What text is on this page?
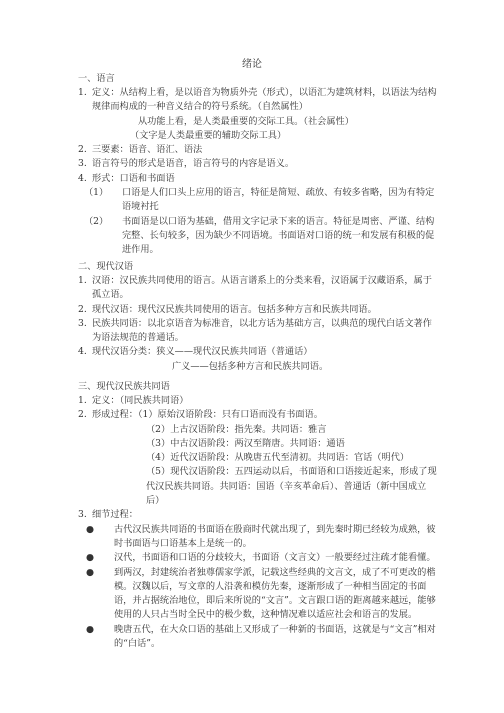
绪论
一、语言
1. 定义：从结构上看，是以语音为物质外壳（形式），以语汇为建筑材料，以语法为结构规律而构成的一种音义结合的符号系统。（自然属性）
从功能上看，是人类最重要的交际工具。（社会属性）
（文字是人类最重要的辅助交际工具）
2. 三要素：语音、语汇、语法
3. 语言符号的形式是语音，语言符号的内容是语义。
4. 形式：口语和书面语
（1）	口语是人们口头上应用的语言，特征是简短、疏放、有较多省略，因为有特定语境衬托
（2）	书面语是以口语为基础，借用文字记录下来的语言。特征是周密、严谨、结构完整、长句较多，因为缺少不同语境。书面语对口语的统一和发展有积极的促进作用。
二、现代汉语
1. 汉语：汉民族共同使用的语言。从语言谱系上的分类来看，汉语属于汉藏语系，属于孤立语。
2. 现代汉语：现代汉民族共同使用的语言。包括多种方言和民族共同语。
3. 民族共同语：以北京语音为标准音，以北方话为基础方言，以典范的现代白话文著作为语法规范的普通话。
4. 现代汉语分类：狭义——现代汉民族共同语（普通话）
广义——包括多种方言和民族共同语。
三、现代汉民族共同语
1. 定义：（同民族共同语）
2. 形成过程：（1）原始汉语阶段：只有口语而没有书面语。
（2）上古汉语阶段：指先秦。共同语：雅言
（3）中古汉语阶段：两汉至隋唐。共同语：通语
（4）近代汉语阶段：从晚唐五代至清初。共同语：官话（明代）
（5）现代汉语阶段：五四运动以后，书面语和口语接近起来，形成了现代汉民族共同语。共同语：国语（辛亥革命后）、普通话（新中国成立后）
3. 细节过程：
●	古代汉民族共同语的书面语在殷商时代就出现了，到先秦时期已经较为成熟，彼时书面语与口语基本上是统一的。
●	汉代，书面语和口语的分歧较大，书面语（文言文）一般要经过注疏才能看懂。
●	到两汉，封建统治者独尊儒家学派，记载这些经典的文言文，成了不可更改的楷模。汉魏以后，写文章的人沿袭和模仿先秦，逐渐形成了一种相当固定的书面语，并占据统治地位，即后来所说的“文言”。文言跟口语的距离越来越远，能够使用的人只占当时全民中的极少数，这种情况难以适应社会和语言的发展。
●	晚唐五代，在大众口语的基础上又形成了一种新的书面语，这就是与“文言”相对的“白话”。
